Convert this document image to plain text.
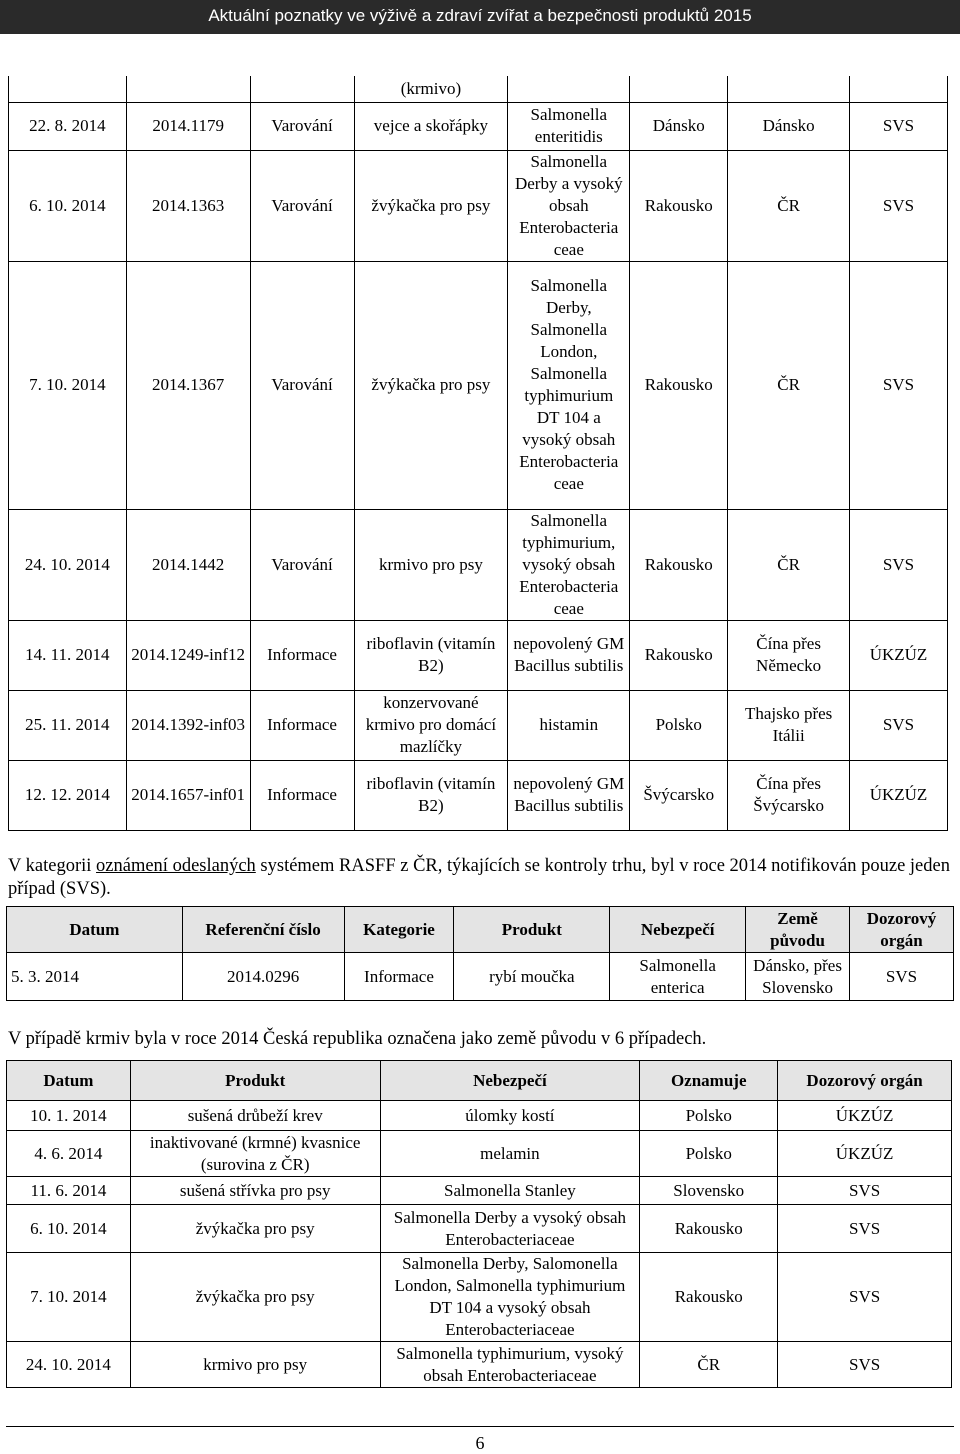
Aktuální poznatky ve výživě a zdraví zvířat a bezpečnosti produktů 2015
			(krmivo)				
22. 8. 2014	2014.1179	Varování	vejce a skořápky	Salmonella enteritidis	Dánsko	Dánsko	SVS
6. 10. 2014	2014.1363	Varování	žvýkačka pro psy	Salmonella Derby a vysoký obsah Enterobacteria ceae	Rakousko	ČR	SVS
7. 10. 2014	2014.1367	Varování	žvýkačka pro psy	Salmonella Derby, Salmonella London, Salmonella typhimurium DT 104 a vysoký obsah Enterobacteria ceae	Rakousko	ČR	SVS
24. 10. 2014	2014.1442	Varování	krmivo pro psy	Salmonella typhimurium, vysoký obsah Enterobacteria ceae	Rakousko	ČR	SVS
14. 11. 2014	2014.1249-inf12	Informace	riboflavin (vitamín B2)	nepovolený GM Bacillus subtilis	Rakousko	Čína přes Německo	ÚKZÚZ
25. 11. 2014	2014.1392-inf03	Informace	konzervované krmivo pro domácí mazlíčky	histamin	Polsko	Thajsko přes Itálii	SVS
12. 12. 2014	2014.1657-inf01	Informace	riboflavin (vitamín B2)	nepovolený GM Bacillus subtilis	Švýcarsko	Čína přes Švýcarsko	ÚKZÚZ
V kategorii oznámení odeslaných systémem RASFF z ČR, týkajících se kontroly trhu, byl v roce 2014 notifikován pouze jeden případ (SVS).
Datum	Referenční číslo	Kategorie	Produkt	Nebezpečí	Země původu	Dozorový orgán
5. 3. 2014	2014.0296	Informace	rybí moučka	Salmonella enterica	Dánsko, přes Slovensko	SVS
V případě krmiv byla v roce 2014 Česká republika označena jako země původu v 6 případech.
Datum	Produkt	Nebezpečí	Oznamuje	Dozorový orgán
10. 1. 2014	sušená drůbeží krev	úlomky kostí	Polsko	ÚKZÚZ
4. 6. 2014	inaktivované (krmné) kvasnice (surovina z ČR)	melamin	Polsko	ÚKZÚZ
11. 6. 2014	sušená střívka pro psy	Salmonella Stanley	Slovensko	SVS
6. 10. 2014	žvýkačka pro psy	Salmonella Derby a vysoký obsah Enterobacteriaceae	Rakousko	SVS
7. 10. 2014	žvýkačka pro psy	Salmonella Derby, Salomonella London, Salmonella typhimurium DT 104 a vysoký obsah Enterobacteriaceae	Rakousko	SVS
24. 10. 2014	krmivo pro psy	Salmonella typhimurium, vysoký obsah Enterobacteriaceae	ČR	SVS
6
